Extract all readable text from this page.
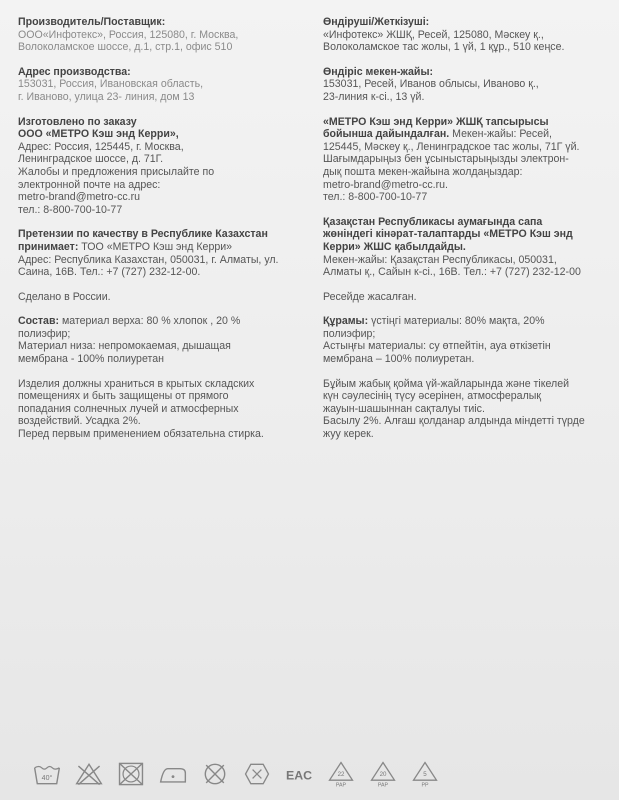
Производитель/Поставщик:

ООО«Инфотекс», Россия, 125080, г. Москва,

Волоколамское шоссе, д.1, стр.1, офис 510

Адрес производства:

153031, Россия, Ивановская область,

г. Иваново, улица 23- линия, дом 13

Изготовлено по заказу

ООО «МЕТРО Кэш энд Керри»,

Адрес: Россия, 125445, г. Москва,

Ленинградское шоссе, д. 71Г.

Жалобы и предложения присылайте по

электронной почте на адрес:

metro-brand@metro-cc.ru

тел.: 8-800-700-10-77

Претензии по качеству в Республике Казахстан

принимает: ТОО «МЕТРО Кэш энд Керри»

Адрес: Республика Казахстан, 050031, г. Алматы, ул.

Саина, 16В. Тел.: +7 (727) 232-12-00.

Сделано в России.

Состав: материал верха: 80 % хлопок , 20 %

полиэфир;

Материал низа: непромокаемая, дышащая

мембрана - 100% полиуретан

Изделия должны храниться в крытых складских

помещениях и быть защищены от прямого

попадания солнечных лучей и атмосферных

воздействий. Усадка 2%.

Перед первым применением обязательна стирка.

Өндіруші/Жеткізуші:

«Инфотекс» ЖШҚ, Ресей, 125080, Мәскеу қ.,

Волоколамское тас жолы, 1 үй, 1 құр., 510 кеңсе.

Өндіріс мекен-жайы:

153031, Ресей, Иванов облысы, Иваново қ.,

23-линия к-сі., 13 үй.

«МЕТРО Кэш энд Керри» ЖШҚ тапсырысы

бойынша дайындалған. Мекен-жайы: Ресей,

125445, Мәскеу қ., Ленинградское тас жолы, 71Г үй.

Шағымдарыңыз бен ұсыныстарыңызды электрон-

дық пошта мекен-жайына жолдаңыздар:

metro-brand@metro-cc.ru.

тел.: 8-800-700-10-77

Қазақстан Республикасы аумағында сапа

жөніндегі кінәрат-талаптарды «МЕТРО Кэш энд

Керри» ЖШС қабылдайды.

Мекен-жайы: Қазақстан Республикасы, 050031,

Алматы қ., Сайын к-сі., 16В. Тел.: +7 (727) 232-12-00

Ресейде жасалған.

Құрамы: үстіңгі материалы: 80% мақта, 20%

полиэфир;

Астыңғы материалы: су өтпейтін, ауа өткізетін

мембрана – 100% полиуретан.

Бұйым жабық қойма үй-жайларында және тікелей

күн сәулесінің түсу әсерінен, атмосфералық

жауын-шашыннан сақталуы тиіс.

Басылу 2%. Алғаш қолданар алдында міндетті түрде

жуу керек.

40°	EAC	22
PAP
20
PAP
5
PP
